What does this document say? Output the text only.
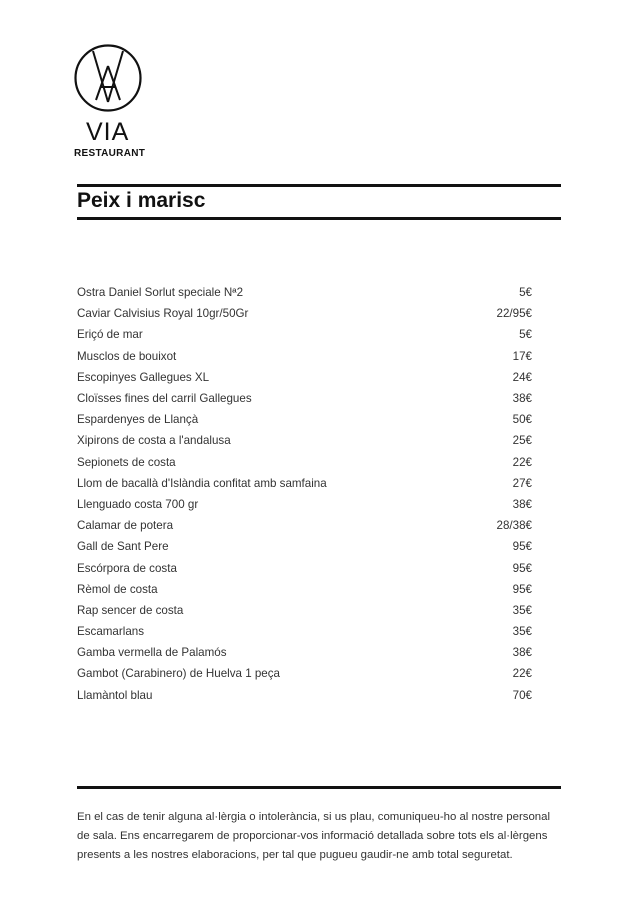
VIA
RESTAURANT
Peix i marisc
Ostra Daniel Sorlut speciale Nª2	5€
Caviar Calvisius Royal 10gr/50Gr	22/95€
Eriçó de mar	5€
Musclos de bouixot	17€
Escopinyes Gallegues XL	24€
Cloïsses fines del carril Gallegues	38€
Espardenyes de Llançà	50€
Xipirons de costa a l'andalusa	25€
Sepionets de costa	22€
Llom de bacallà d'Islàndia confitat amb samfaina	27€
Llenguado costa 700 gr	38€
Calamar de potera	28/38€
Gall de Sant Pere	95€
Escórpora de costa	95€
Rèmol de costa	95€
Rap sencer de costa	35€
Escamarlans	35€
Gamba vermella de Palamós	38€
Gambot (Carabinero) de Huelva 1 peça	22€
Llamàntol blau	70€

En el cas de tenir alguna al·lèrgia o intolerància, si us plau, comuniqueu-ho al nostre personal de sala. Ens encarregarem de proporcionar-vos informació detallada sobre tots els al·lèrgens presents a les nostres elaboracions, per tal que pugueu gaudir-ne amb total seguretat.
